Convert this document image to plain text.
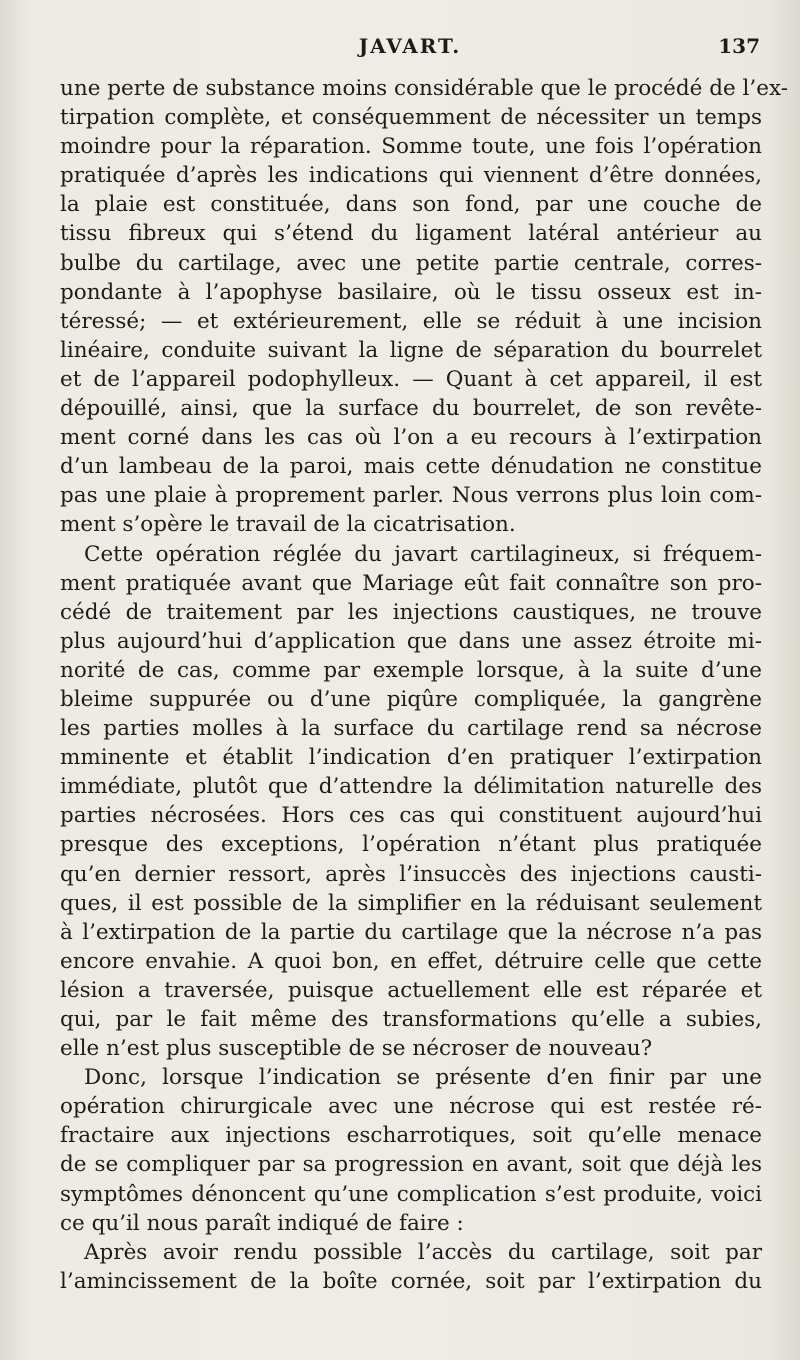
JAVART.	137
une perte de substance moins considérable que le procédé de l’ex-
tirpation complète, et conséquemment de nécessiter un temps
moindre pour la réparation. Somme toute, une fois l’opération
pratiquée d’après les indications qui viennent d’être données,
la plaie est constituée, dans son fond, par une couche de
tissu fibreux qui s’étend du ligament latéral antérieur au
bulbe du cartilage, avec une petite partie centrale, corres-
pondante à l’apophyse basilaire, où le tissu osseux est in-
téressé; — et extérieurement, elle se réduit à une incision
linéaire, conduite suivant la ligne de séparation du bourrelet
et de l’appareil podophylleux. — Quant à cet appareil, il est
dépouillé, ainsi, que la surface du bourrelet, de son revête-
ment corné dans les cas où l’on a eu recours à l’extirpation
d’un lambeau de la paroi, mais cette dénudation ne constitue
pas une plaie à proprement parler. Nous verrons plus loin com-
ment s’opère le travail de la cicatrisation.
Cette opération réglée du javart cartilagineux, si fréquem-
ment pratiquée avant que Mariage eût fait connaître son pro-
cédé de traitement par les injections caustiques, ne trouve
plus aujourd’hui d’application que dans une assez étroite mi-
norité de cas, comme par exemple lorsque, à la suite d’une
bleime suppurée ou d’une piqûre compliquée, la gangrène
les parties molles à la surface du cartilage rend sa nécrose
mminente et établit l’indication d’en pratiquer l’extirpation
immédiate, plutôt que d’attendre la délimitation naturelle des
parties nécrosées. Hors ces cas qui constituent aujourd’hui
presque des exceptions, l’opération n’étant plus pratiquée
qu’en dernier ressort, après l’insuccès des injections causti-
ques, il est possible de la simplifier en la réduisant seulement
à l’extirpation de la partie du cartilage que la nécrose n’a pas
encore envahie. A quoi bon, en effet, détruire celle que cette
lésion a traversée, puisque actuellement elle est réparée et
qui, par le fait même des transformations qu’elle a subies,
elle n’est plus susceptible de se nécroser de nouveau?
Donc, lorsque l’indication se présente d’en finir par une
opération chirurgicale avec une nécrose qui est restée ré-
fractaire aux injections escharrotiques, soit qu’elle menace
de se compliquer par sa progression en avant, soit que déjà les
symptômes dénoncent qu’une complication s’est produite, voici
ce qu’il nous paraît indiqué de faire :
Après avoir rendu possible l’accès du cartilage, soit par
l’amincissement de la boîte cornée, soit par l’extirpation du
